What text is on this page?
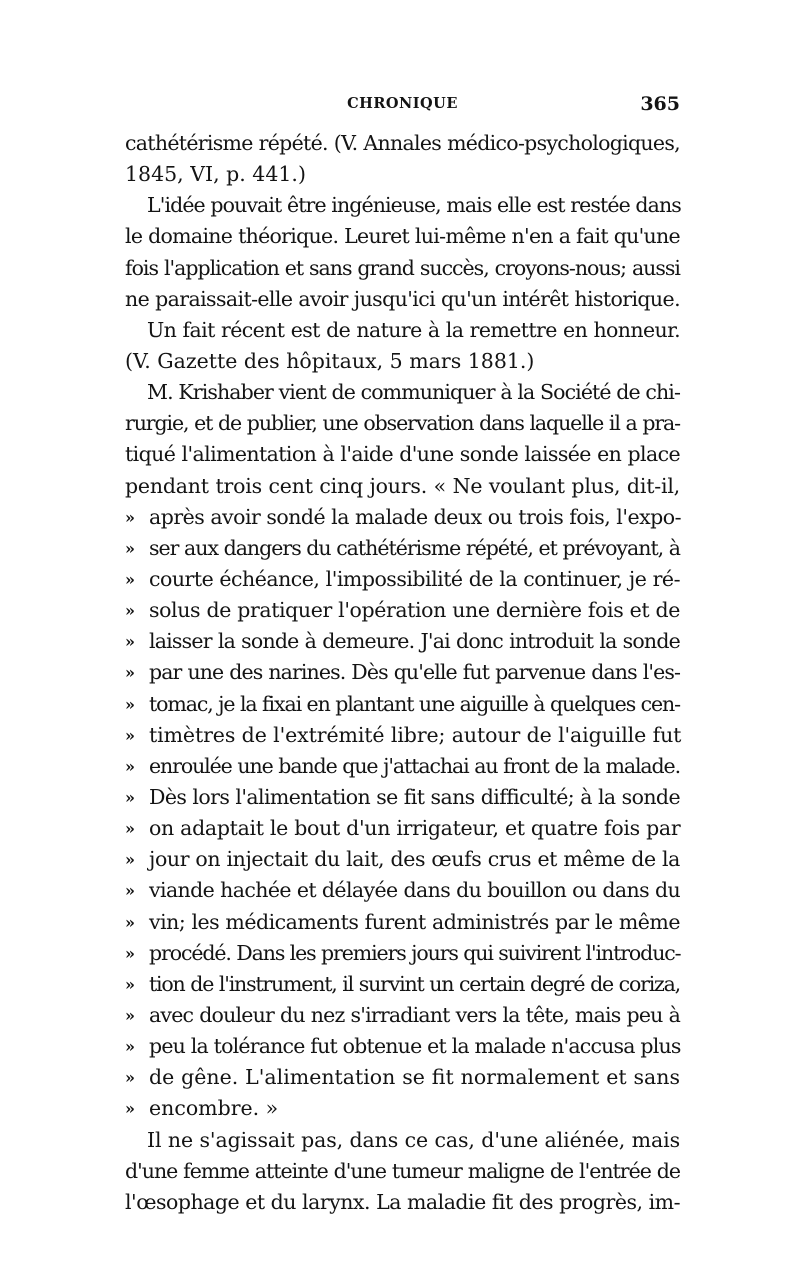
CHRONIQUE	365
cathétérisme répété. (V. Annales médico-psychologiques,
1845, VI, p. 441.)
L'idée pouvait être ingénieuse, mais elle est restée dans
le domaine théorique. Leuret lui-même n'en a fait qu'une
fois l'application et sans grand succès, croyons-nous; aussi
ne paraissait-elle avoir jusqu'ici qu'un intérêt historique.
Un fait récent est de nature à la remettre en honneur.
(V. Gazette des hôpitaux, 5 mars 1881.)
M. Krishaber vient de communiquer à la Société de chi-
rurgie, et de publier, une observation dans laquelle il a pra-
tiqué l'alimentation à l'aide d'une sonde laissée en place
pendant trois cent cinq jours. « Ne voulant plus, dit-il,
» après avoir sondé la malade deux ou trois fois, l'expo-
» ser aux dangers du cathétérisme répété, et prévoyant, à
» courte échéance, l'impossibilité de la continuer, je ré-
» solus de pratiquer l'opération une dernière fois et de
» laisser la sonde à demeure. J'ai donc introduit la sonde
» par une des narines. Dès qu'elle fut parvenue dans l'es-
» tomac, je la fixai en plantant une aiguille à quelques cen-
» timètres de l'extrémité libre; autour de l'aiguille fut
» enroulée une bande que j'attachai au front de la malade.
» Dès lors l'alimentation se fit sans difficulté; à la sonde
» on adaptait le bout d'un irrigateur, et quatre fois par
» jour on injectait du lait, des œufs crus et même de la
» viande hachée et délayée dans du bouillon ou dans du
» vin; les médicaments furent administrés par le même
» procédé. Dans les premiers jours qui suivirent l'introduc-
» tion de l'instrument, il survint un certain degré de coriza,
» avec douleur du nez s'irradiant vers la tête, mais peu à
» peu la tolérance fut obtenue et la malade n'accusa plus
» de gêne. L'alimentation se fit normalement et sans
» encombre. »
Il ne s'agissait pas, dans ce cas, d'une aliénée, mais
d'une femme atteinte d'une tumeur maligne de l'entrée de
l'œsophage et du larynx. La maladie fit des progrès, im-
